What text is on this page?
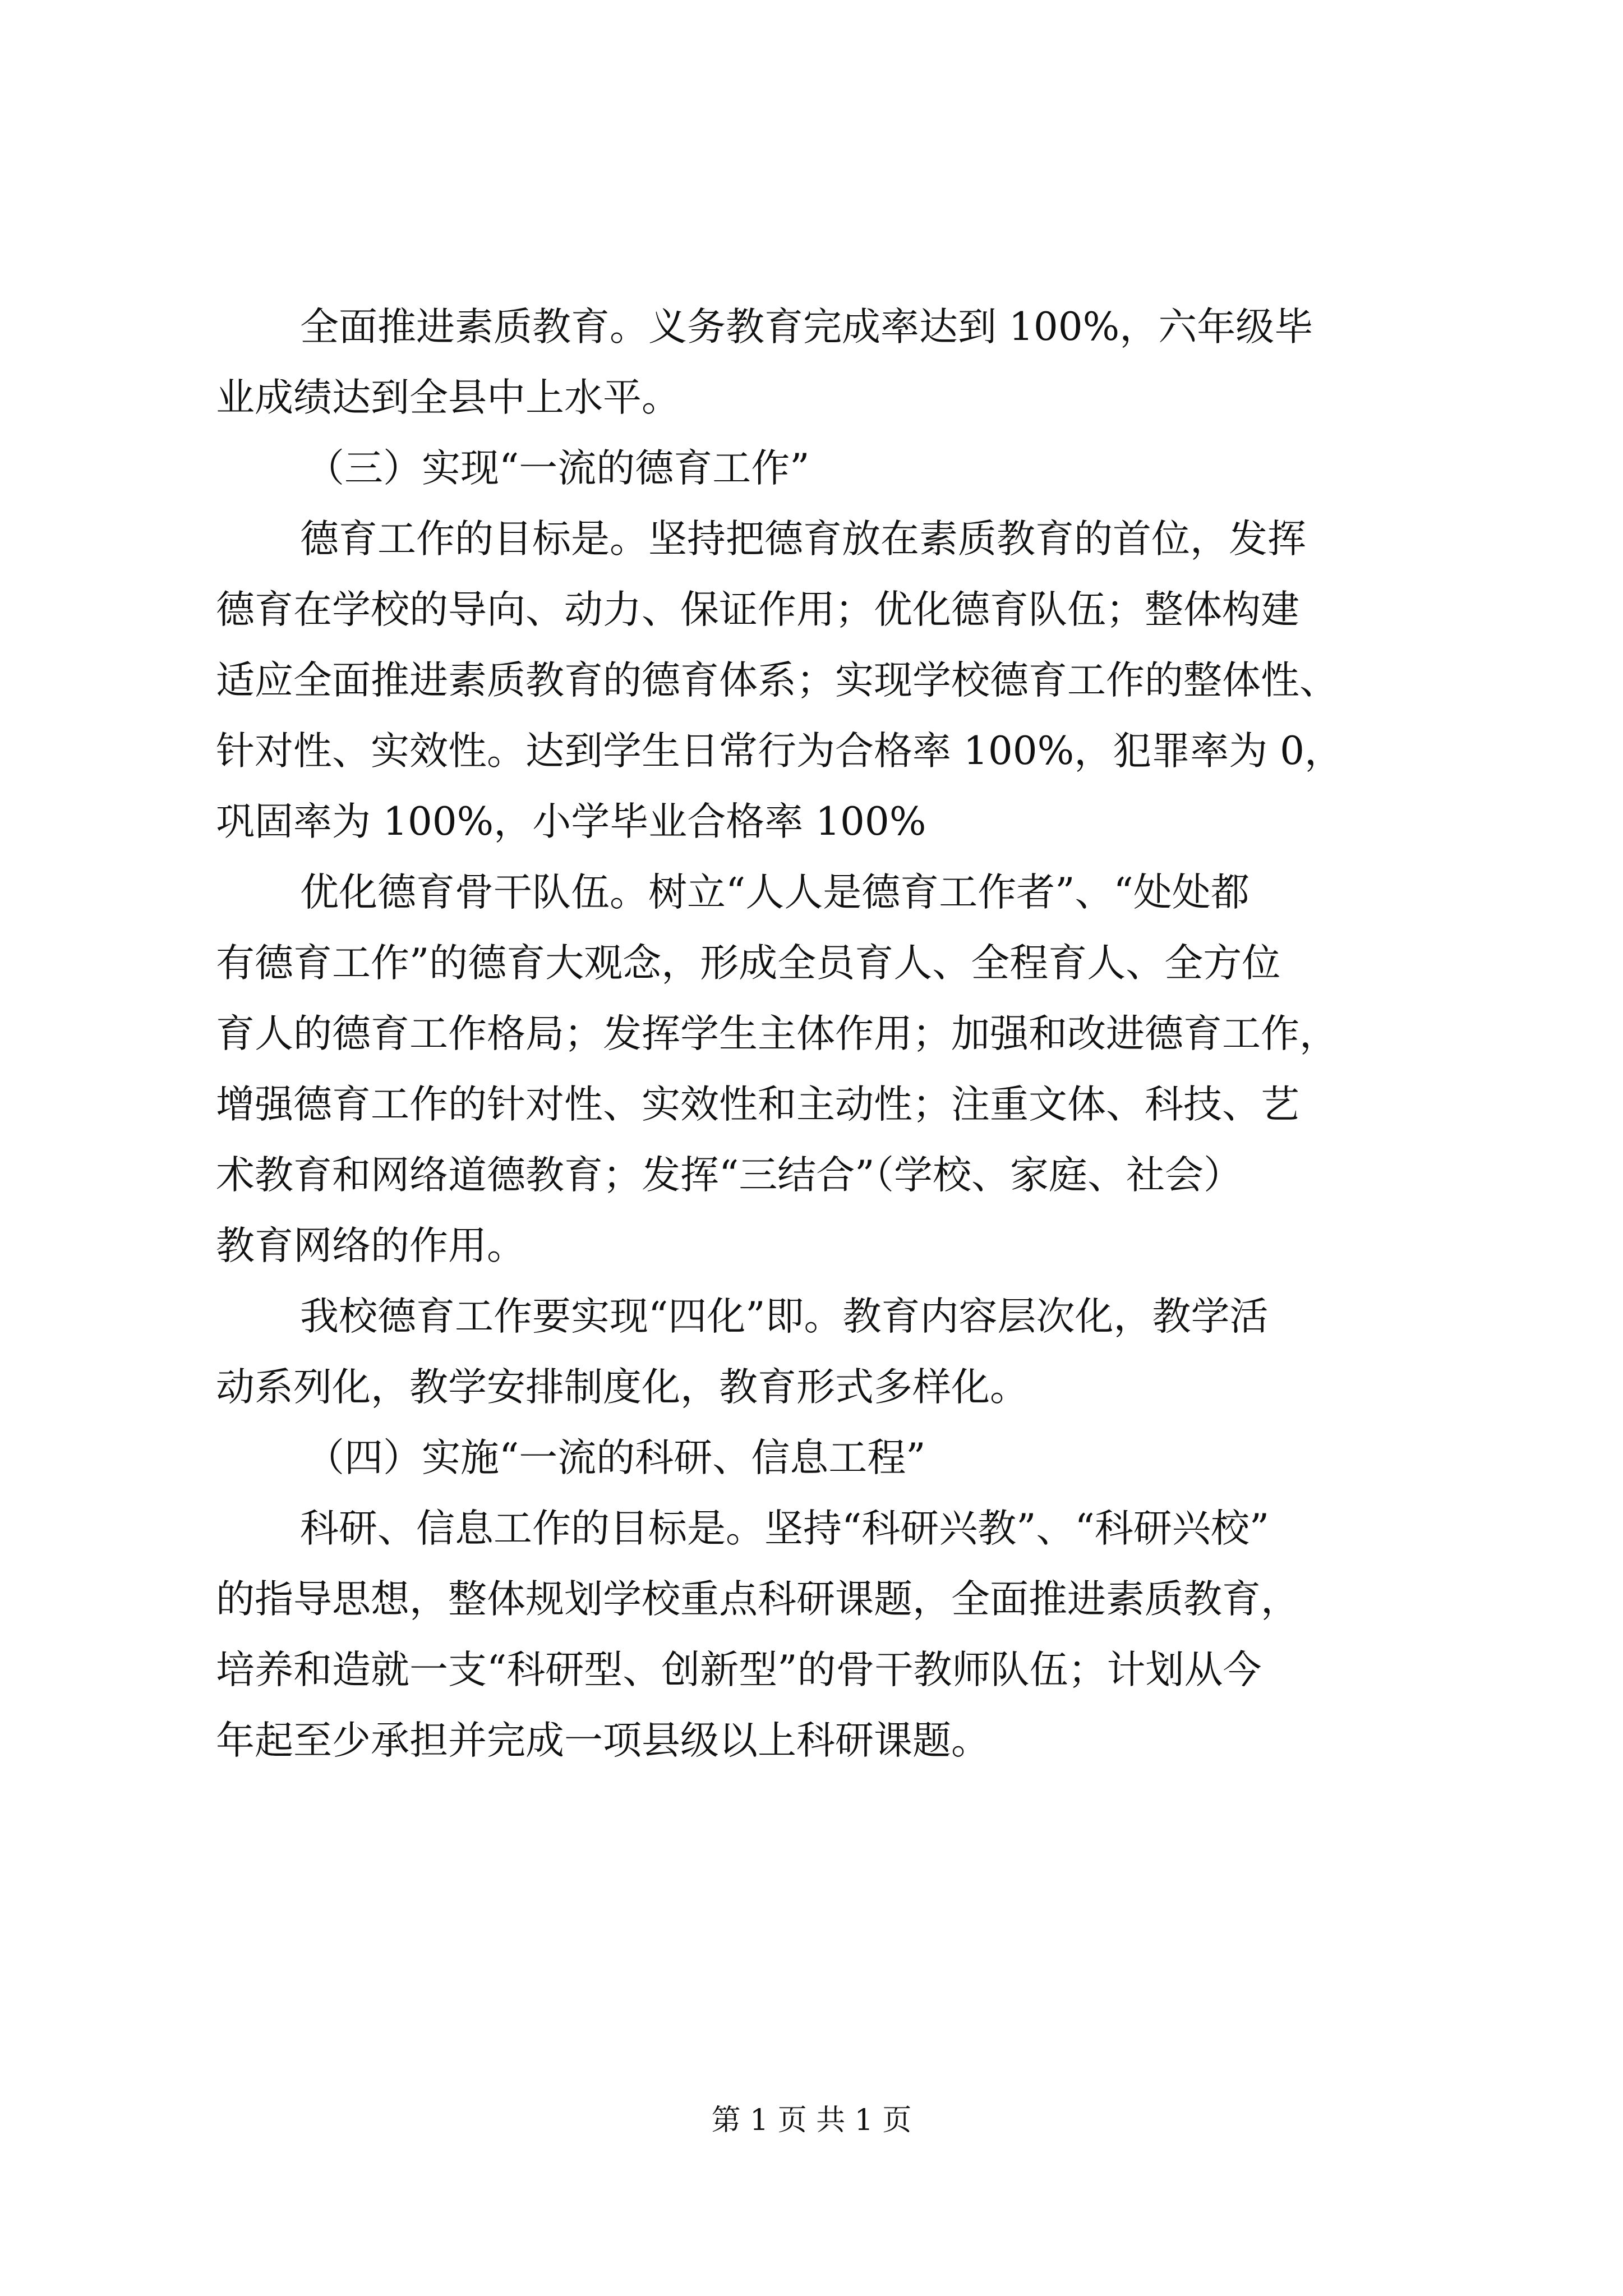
全面推进素质教育。义务教育完成率达到 100%，六年级毕
业成绩达到全县中上水平。
（三）实现“一流的德育工作”
德育工作的目标是。坚持把德育放在素质教育的首位，发挥
德育在学校的导向、动力、保证作用；优化德育队伍；整体构建
适应全面推进素质教育的德育体系；实现学校德育工作的整体性、
针对性、实效性。达到学生日常行为合格率 100%，犯罪率为 0，
巩固率为 100%，小学毕业合格率 100%
优化德育骨干队伍。树立“人人是德育工作者”、“处处都
有德育工作”的德育大观念，形成全员育人、全程育人、全方位
育人的德育工作格局；发挥学生主体作用；加强和改进德育工作，
增强德育工作的针对性、实效性和主动性；注重文体、科技、艺
术教育和网络道德教育；发挥“三结合”（学校、家庭、社会）
教育网络的作用。
我校德育工作要实现“四化”即。教育内容层次化，教学活
动系列化，教学安排制度化，教育形式多样化。
（四）实施“一流的科研、信息工程”
科研、信息工作的目标是。坚持“科研兴教”、“科研兴校”
的指导思想，整体规划学校重点科研课题，全面推进素质教育，
培养和造就一支“科研型、创新型”的骨干教师队伍；计划从今
年起至少承担并完成一项县级以上科研课题。
第 1 页 共 1 页
